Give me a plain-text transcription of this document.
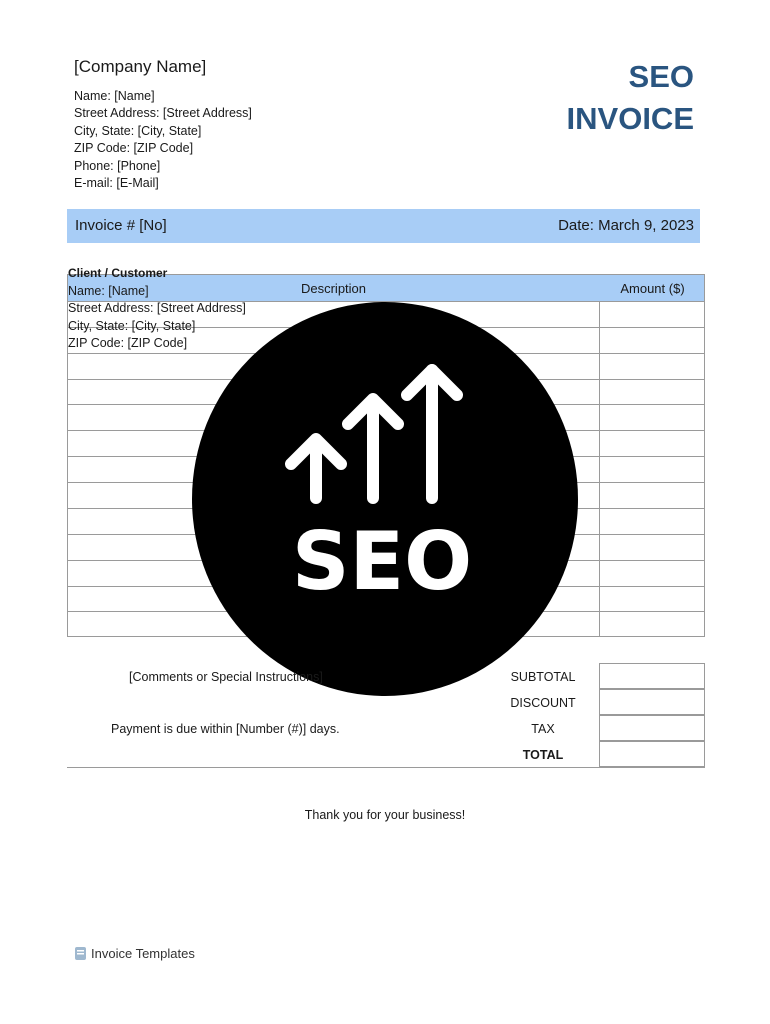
[Company Name]
Name: [Name]
Street Address: [Street Address]
City, State: [City, State]
ZIP Code: [ZIP Code]
Phone: [Phone]
E-mail: [E-Mail]
SEO
INVOICE
Invoice # [No]	Date: March 9, 2023
Description	Amount ($)
Client / Customer
Name: [Name]
Street Address: [Street Address]
City, State: [City, State]
ZIP Code: [ZIP Code]
SEO
[Comments or Special Instructions]
Payment is due within [Number (#)] days.
SUBTOTAL
DISCOUNT
TAX
TOTAL
Thank you for your business!
Invoice Templates
